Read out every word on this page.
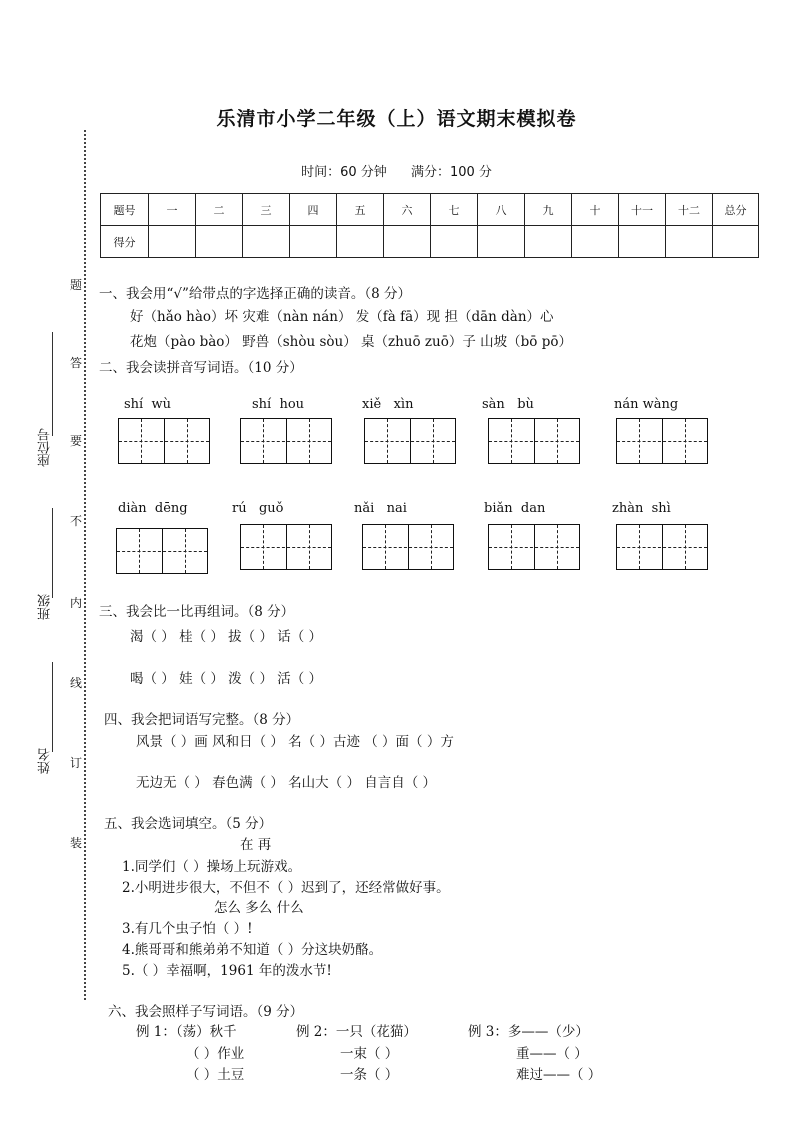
乐清市小学二年级（上）语文期末模拟卷
时间：60 分钟 满分：100 分
题号	一	二	三	四	五	六	七	八	九	十	十一	十二	总分
得分													
题
答
要
不
内
线
订
装
座位号
班级
姓名
一、我会用“√”给带点的字选择正确的读音。（8 分）
好（hǎo hào）坏 灾难（nàn nán） 发（fà fā）现 担（dān dàn）心
花炮（pào bào） 野兽（shòu sòu） 桌（zhuō zuō）子 山坡（bō pō）
二、我会读拼音写词语。（10 分）
shí  wù	shí  hou	xiě   xìn	sàn   bù	nán wàng
diàn  dēng	rú   guǒ	nǎi   nai	biǎn  dan	zhàn  shì
三、我会比一比再组词。（8 分）
渴（ ） 桂（ ） 拔（ ） 话（ ）
喝（ ） 娃（ ） 泼（ ） 活（ ）
四、我会把词语写完整。（8 分）
风景（ ）画 风和日（ ） 名（ ）古迹 （ ）面（ ）方
无边无（ ） 春色满（ ） 名山大（ ） 自言自（ ）
五、我会选词填空。（5 分）
在 再
1.同学们（ ）操场上玩游戏。
2.小明进步很大，不但不（ ）迟到了，还经常做好事。
怎么 多么 什么
3.有几个虫子怕（ ）!
4.熊哥哥和熊弟弟不知道（ ）分这块奶酪。
5.（ ）幸福啊，1961 年的泼水节!
六、我会照样子写词语。（9 分）
例 1：（荡）秋千	例 2：一只（花猫）	例 3：多——（少）
（ ）作业	一束（ ）	重——（ ）
（ ）土豆	一条（ ）	难过——（ ）
